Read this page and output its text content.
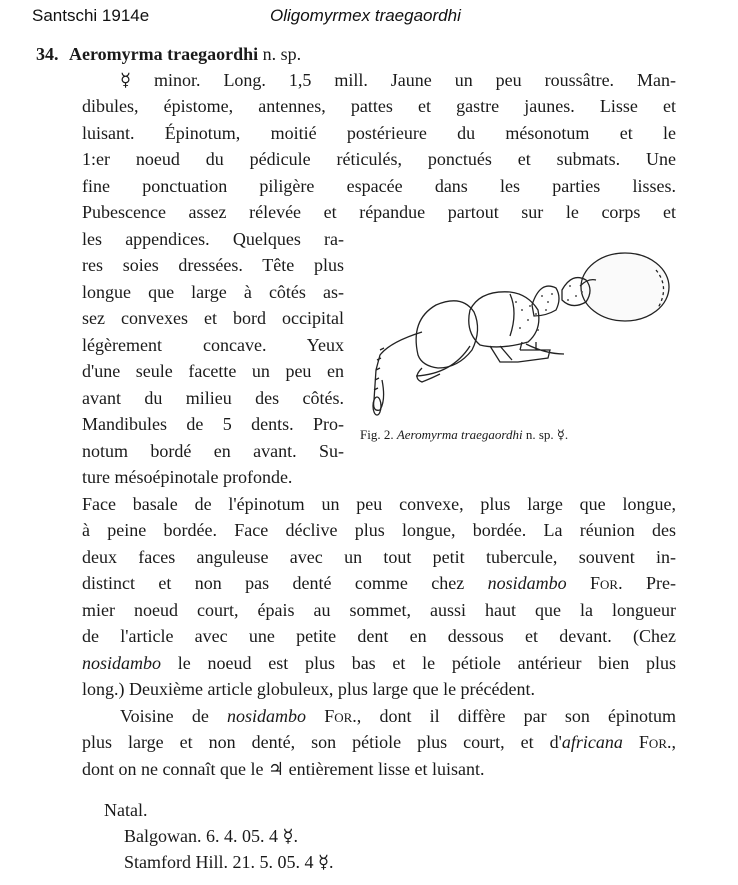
Santschi 1914e	Oligomyrmex traegaordhi
34. Aeromyrma traegaordhi n. sp.
☿ minor. Long. 1,5 mill. Jaune un peu roussâtre. Man-
dibules, épistome, antennes, pattes et gastre jaunes. Lisse et
luisant. Épinotum, moitié postérieure du mésonotum et le
1:er noeud du pédicule réticulés, ponctués et submats. Une
fine ponctuation piligère espacée dans les parties lisses.
Pubescence assez rélevée et répandue partout sur le corps et
les appendices. Quelques ra-
res soies dressées. Tête plus
longue que large à côtés as-
sez convexes et bord occipital
légèrement concave. Yeux
d'une seule facette un peu en
avant du milieu des côtés.
Mandibules de 5 dents. Pro-
notum bordé en avant. Su-
ture mésoépinotale profonde.
Fig. 2. Aeromyrma traegaordhi n. sp. ☿.
Face basale de l'épinotum un peu convexe, plus large que longue,
à peine bordée. Face déclive plus longue, bordée. La réunion des
deux faces anguleuse avec un tout petit tubercule, souvent in-
distinct et non pas denté comme chez nosidambo For. Pre-
mier noeud court, épais au sommet, aussi haut que la longueur
de l'article avec une petite dent en dessous et devant. (Chez
nosidambo le noeud est plus bas et le pétiole antérieur bien plus
long.) Deuxième article globuleux, plus large que le précédent.
Voisine de nosidambo For., dont il diffère par son épinotum
plus large et non denté, son pétiole plus court, et d'africana For.,
dont on ne connaît que le ♃ entièrement lisse et luisant.
Natal.
Balgowan. 6. 4. 05. 4 ☿.
Stamford Hill. 21. 5. 05. 4 ☿.
